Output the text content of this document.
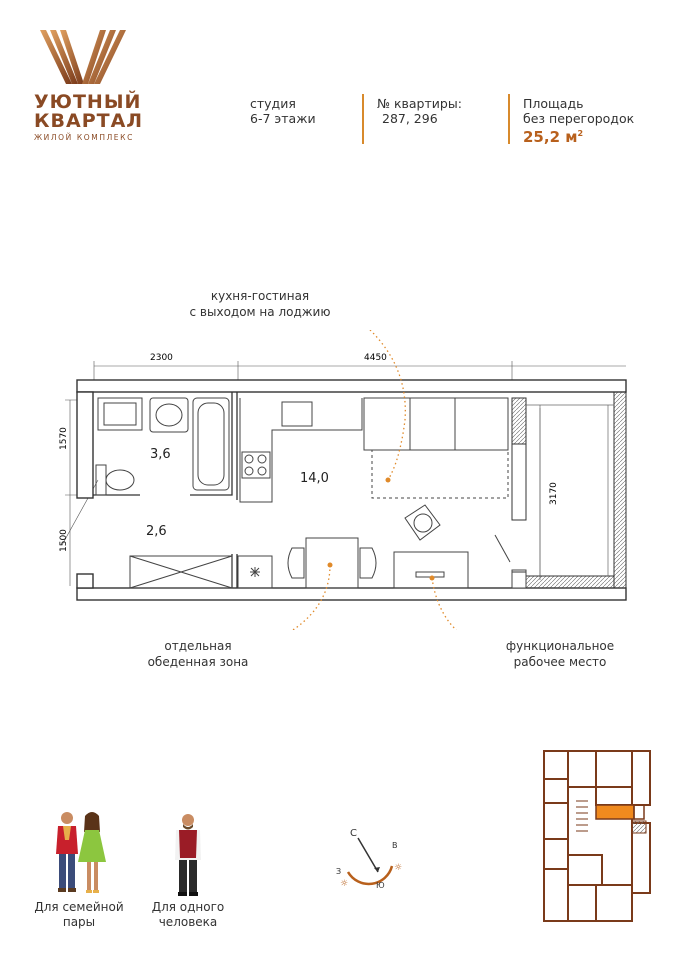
УЮТНЫЙ
КВАРТАЛ
ЖИЛОЙ КОМПЛЕКС
студия
6-7 этажи
№ квартиры:
287, 296
Площадь
без перегородок
25,2 $м^2$
кухня-гостиная
с выходом на лоджию
отдельная
обеденная зона
функциональное
рабочее место
2300	4450
1570
1500
3170
3,6
2,6
14,0
Для семейной
пары
Для одного
человека
С
В
Ю
З
☼
☼
